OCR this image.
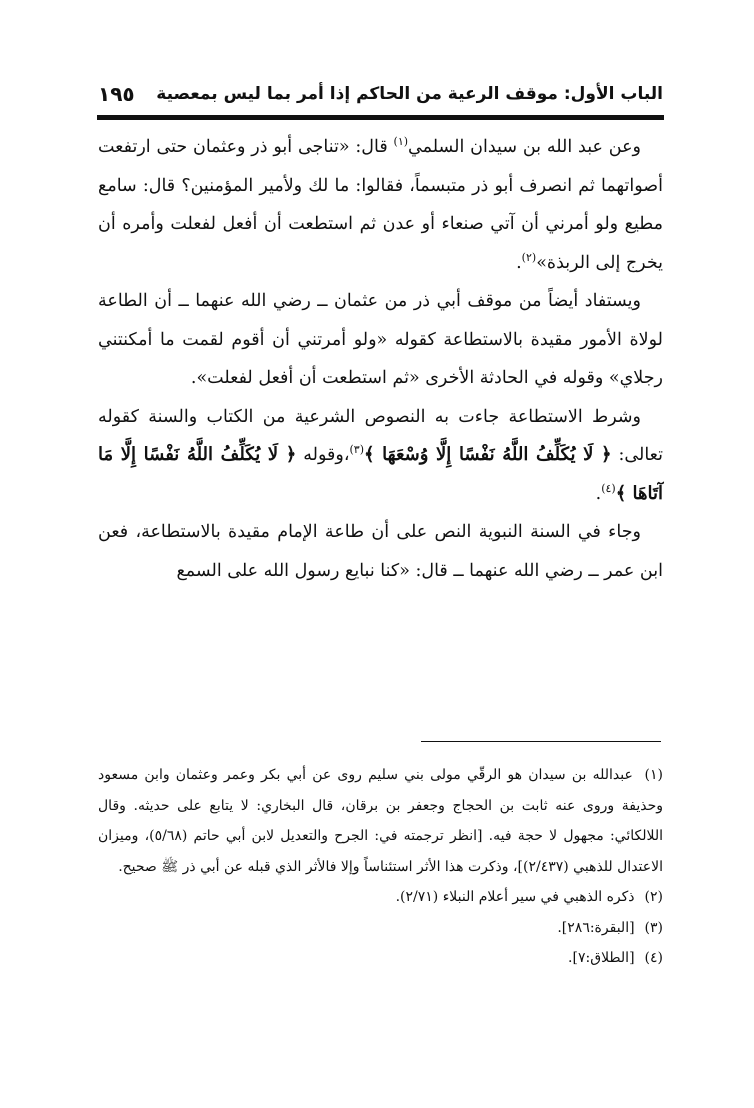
الباب الأول: موقف الرعية من الحاكم إذا أمر بما ليس بمعصية
١٩٥

وعن عبد الله بن سيدان السلمي$^{(١)}$ قال: «تناجى أبو ذر وعثمان حتى ارتفعت أصواتهما ثم انصرف أبو ذر متبسماً، فقالوا: ما لك ولأمير المؤمنين؟ قال: سامع مطيع ولو أمرني أن آتي صنعاء أو عدن ثم استطعت أن أفعل لفعلت وأمره أن يخرج إلى الربذة»$^{(٢)}$.

ويستفاد أيضاً من موقف أبي ذر من عثمان ــ رضي الله عنهما ــ أن الطاعة لولاة الأمور مقيدة بالاستطاعة كقوله «ولو أمرتني أن أقوم لقمت ما أمكنتني رجلاي» وقوله في الحادثة الأخرى «ثم استطعت أن أفعل لفعلت».

وشرط الاستطاعة جاءت به النصوص الشرعية من الكتاب والسنة كقوله تعالى: ﴿ لَا يُكَلِّفُ اللَّهُ نَفْسًا إِلَّا وُسْعَهَا ﴾$^{(٣)}$،وقوله ﴿ لَا يُكَلِّفُ اللَّهُ نَفْسًا إِلَّا مَا آتَاهَا ﴾$^{(٤)}$.

وجاء في السنة النبوية النص على أن طاعة الإمام مقيدة بالاستطاعة، فعن ابن عمر ــ رضي الله عنهما ــ قال: «كنا نبايع رسول الله على السمع

(١) عبدالله بن سيدان هو الرقّي مولى بني سليم روى عن أبي بكر وعمر وعثمان وابن مسعود وحذيفة وروى عنه ثابت بن الحجاج وجعفر بن برقان، قال البخاري: لا يتابع على حديثه. وقال اللالكائي: مجهول لا حجة فيه. [انظر ترجمته في: الجرح والتعديل لابن أبي حاتم (٥/٦٨)، وميزان الاعتدال للذهبي (٢/٤٣٧)]، وذكرت هذا الأثر استئناساً وإلا فالأثر الذي قبله عن أبي ذر ﷺ صحيح.

(٢) ذكره الذهبي في سير أعلام النبلاء (٢/٧١).

(٣) [البقرة:٢٨٦].

(٤) [الطلاق:٧].
